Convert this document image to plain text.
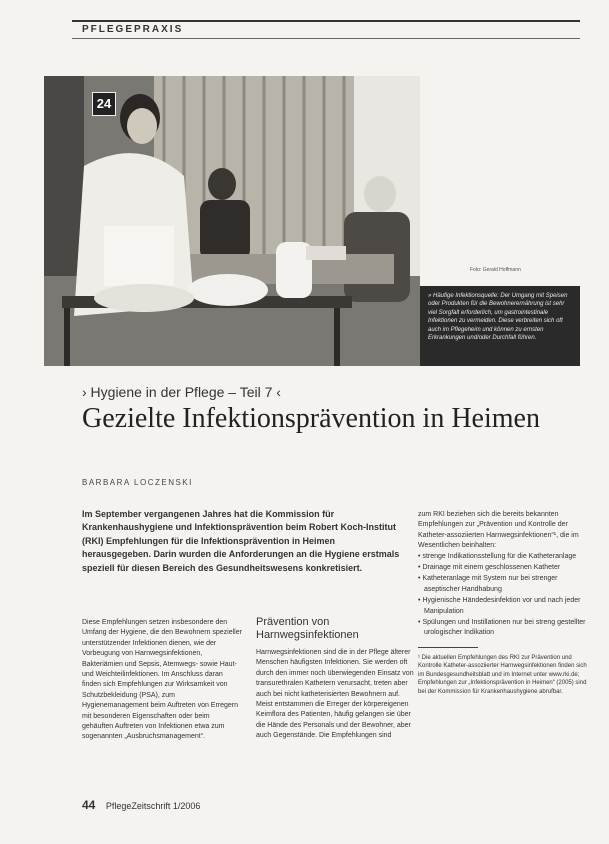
PFLEGEPRAXIS
24
Foto: Gerald Hoffmann
» Häufige Infektionsquelle: Der Umgang mit Speisen oder Produkten für die Bewohnerernährung ist sehr viel Sorgfalt erforderlich, um gastrointestinale Infektionen zu vermeiden. Diese verbreiten sich oft auch im Pflegeheim und können zu ernsten Erkrankungen und/oder Durchfall führen.
› Hygiene in der Pflege – Teil 7 ‹
Gezielte Infektionsprävention in Heimen
BARBARA LOCZENSKI
Im September vergangenen Jahres hat die Kommission für Krankenhaushygiene und Infektionsprävention beim Robert Koch-Institut (RKI) Empfehlungen für die Infektionsprävention in Heimen herausgegeben. Darin wurden die Anforderungen an die Hygiene erstmals speziell für diesen Bereich des Gesundheitswesens konkretisiert.
Diese Empfehlungen setzen insbesondere den Umfang der Hygiene, die den Bewohnern spezieller unterstützender Infektionen dienen, wie der Vorbeugung von Harnwegsinfektionen, Bakteriämien und Sepsis, Atemwegs- sowie Haut- und Weichteilinfektionen. Im Anschluss daran finden sich Empfehlungen zur Wirksamkeit von Schutzbekleidung (PSA), zum Hygienemanagement beim Auftreten von Erregern mit besonderen Eigenschaften oder beim gehäuften Auftreten von Infektionen etwa zum sogenannten „Ausbruchsmanagement“.
Prävention von Harnwegsinfektionen
Harnwegsinfektionen sind die in der Pflege älterer Menschen häufigsten Infektionen. Sie werden oft durch den immer noch überwiegenden Einsatz von transurethralen Kathetern verursacht, treten aber auch bei nicht katheterisierten Bewohnern auf. Meist entstammen die Erreger der körpereigenen Keimflora des Patienten, häufig gelangen sie über die Hände des Personals und der Bewohner, aber auch Gegenstände. Die Empfehlungen sind
zum RKI beziehen sich die bereits bekannten Empfehlungen zur „Prävention und Kontrolle der Katheter-assoziierten Harnwegsinfektionen“¹, die im Wesentlichen beinhalten:
• strenge Indikationsstellung für die Katheteranlage
• Drainage mit einem geschlossenen Katheter
• Katheteranlage mit System nur bei strenger aseptischer Handhabung
• Hygienische Händedesinfektion vor und nach jeder Manipulation
• Spülungen und Instillationen nur bei streng gestellter urologischer Indikation
¹ Die aktuellen Empfehlungen des RKI zur Prävention und Kontrolle Katheter-assoziierter Harnwegsinfektionen finden sich im Bundesgesundheitsblatt und im Internet unter www.rki.de; Empfehlungen zur „Infektionsprävention in Heimen“ (2005) sind bei der Kommission für Krankenhaushygiene abrufbar.
44 PflegeZeitschrift 1/2006
